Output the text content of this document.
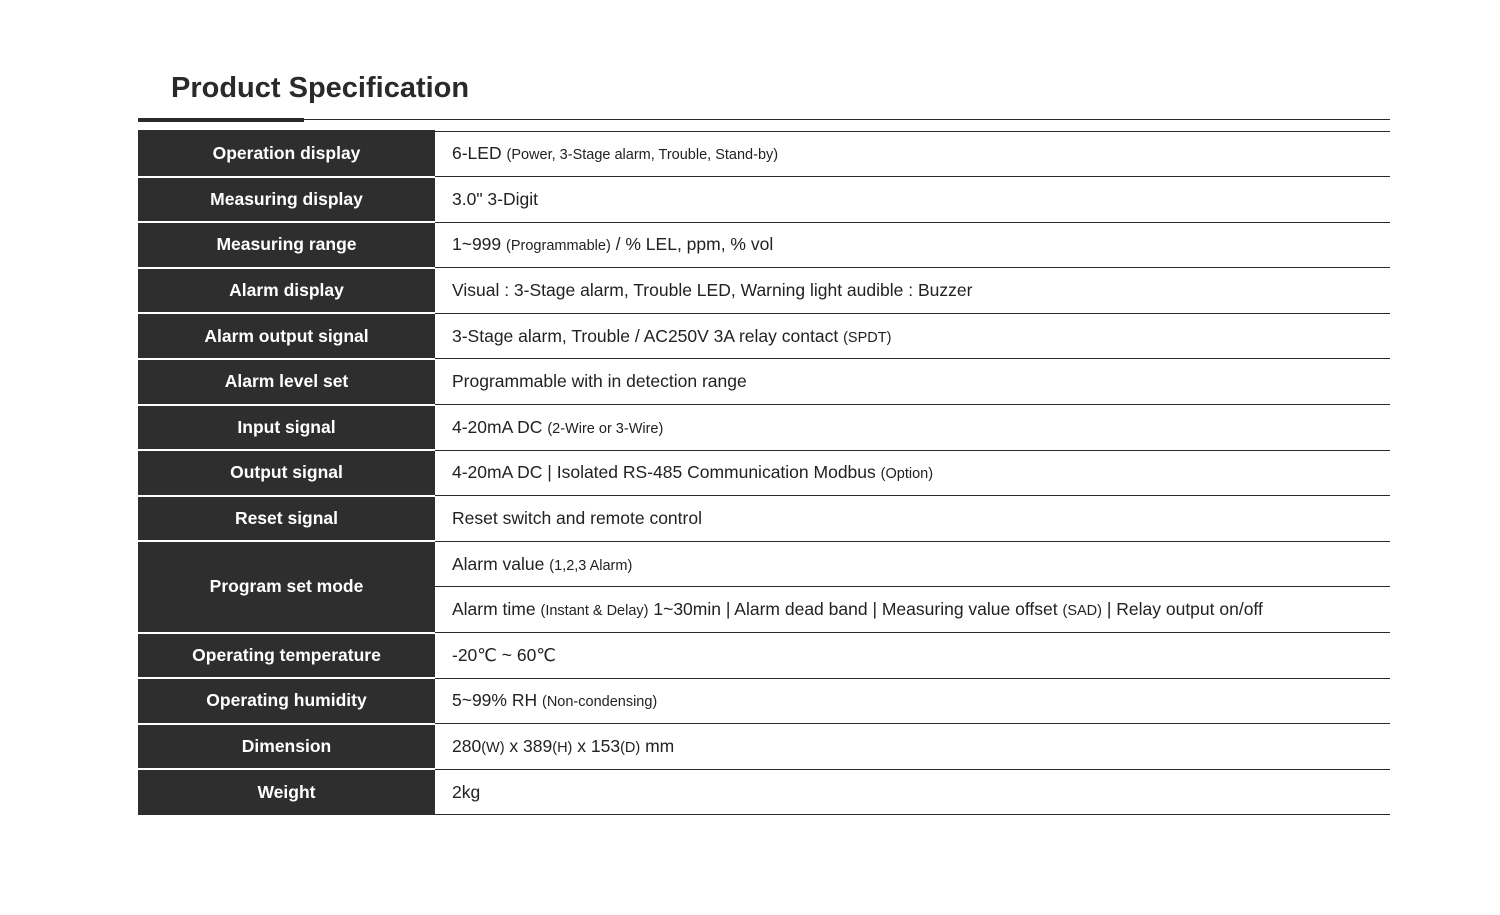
Product Specification
Operation display	6-LED (Power, 3-Stage alarm, Trouble, Stand-by)
Measuring display	3.0" 3-Digit
Measuring range	1~999 (Programmable) / % LEL, ppm, % vol
Alarm display	Visual : 3-Stage alarm, Trouble LED, Warning light audible : Buzzer
Alarm output signal	3-Stage alarm, Trouble / AC250V 3A relay contact (SPDT)
Alarm level set	Programmable with in detection range
Input signal	4-20mA DC (2-Wire or 3-Wire)
Output signal	4-20mA DC | Isolated RS-485 Communication Modbus (Option)
Reset signal	Reset switch and remote control
Program set mode	Alarm value (1,2,3 Alarm)
	Alarm time (Instant & Delay) 1~30min | Alarm dead band | Measuring value offset (SAD) | Relay output on/off
Operating temperature	-20℃ ~ 60℃
Operating humidity	5~99% RH (Non-condensing)
Dimension	280(W) x 389(H) x 153(D) mm
Weight	2kg
